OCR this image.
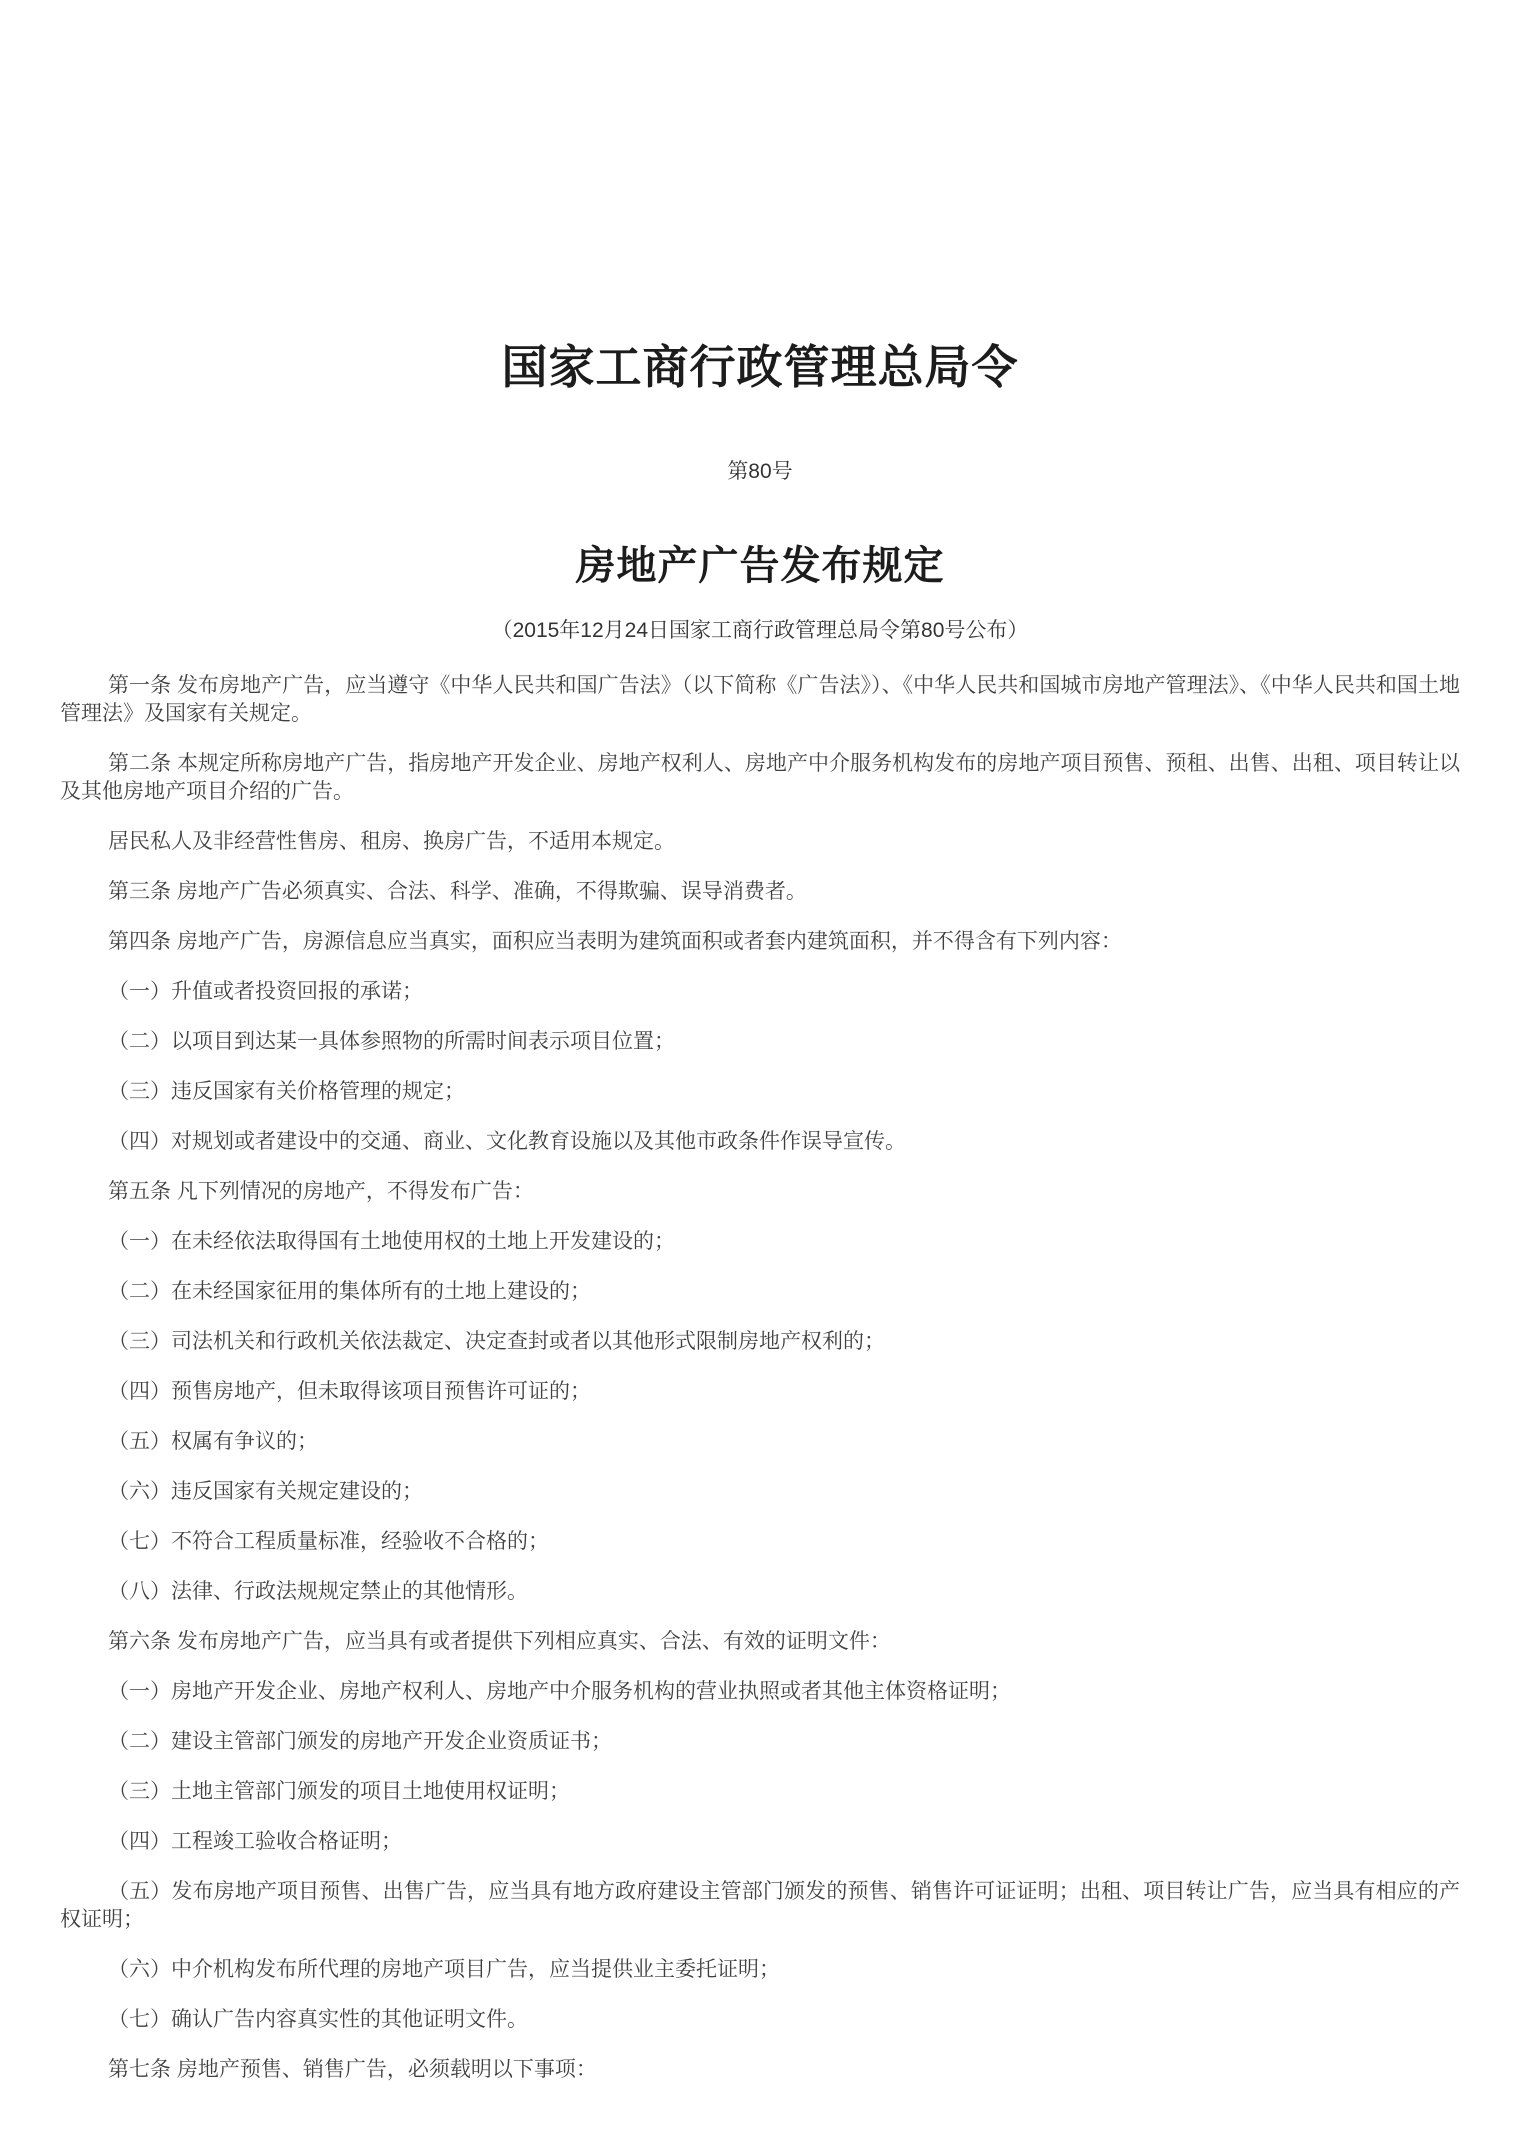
国家工商行政管理总局令
第80号
房地产广告发布规定
（2015年12月24日国家工商行政管理总局令第80号公布）

第一条 发布房地产广告，应当遵守《中华人民共和国广告法》（以下简称《广告法》）、《中华人民共和国城市房地产管理法》、《中华人民共和国土地管理法》及国家有关规定。

第二条 本规定所称房地产广告，指房地产开发企业、房地产权利人、房地产中介服务机构发布的房地产项目预售、预租、出售、出租、项目转让以及其他房地产项目介绍的广告。

居民私人及非经营性售房、租房、换房广告，不适用本规定。

第三条 房地产广告必须真实、合法、科学、准确，不得欺骗、误导消费者。

第四条 房地产广告，房源信息应当真实，面积应当表明为建筑面积或者套内建筑面积，并不得含有下列内容：

（一）升值或者投资回报的承诺；

（二）以项目到达某一具体参照物的所需时间表示项目位置；

（三）违反国家有关价格管理的规定；

（四）对规划或者建设中的交通、商业、文化教育设施以及其他市政条件作误导宣传。

第五条 凡下列情况的房地产，不得发布广告：

（一）在未经依法取得国有土地使用权的土地上开发建设的；

（二）在未经国家征用的集体所有的土地上建设的；

（三）司法机关和行政机关依法裁定、决定查封或者以其他形式限制房地产权利的；

（四）预售房地产，但未取得该项目预售许可证的；

（五）权属有争议的；

（六）违反国家有关规定建设的；

（七）不符合工程质量标准，经验收不合格的；

（八）法律、行政法规规定禁止的其他情形。

第六条 发布房地产广告，应当具有或者提供下列相应真实、合法、有效的证明文件：

（一）房地产开发企业、房地产权利人、房地产中介服务机构的营业执照或者其他主体资格证明；

（二）建设主管部门颁发的房地产开发企业资质证书；

（三）土地主管部门颁发的项目土地使用权证明；

（四）工程竣工验收合格证明；

（五）发布房地产项目预售、出售广告，应当具有地方政府建设主管部门颁发的预售、销售许可证证明；出租、项目转让广告，应当具有相应的产权证明；

（六）中介机构发布所代理的房地产项目广告，应当提供业主委托证明；

（七）确认广告内容真实性的其他证明文件。

第七条 房地产预售、销售广告，必须载明以下事项：
